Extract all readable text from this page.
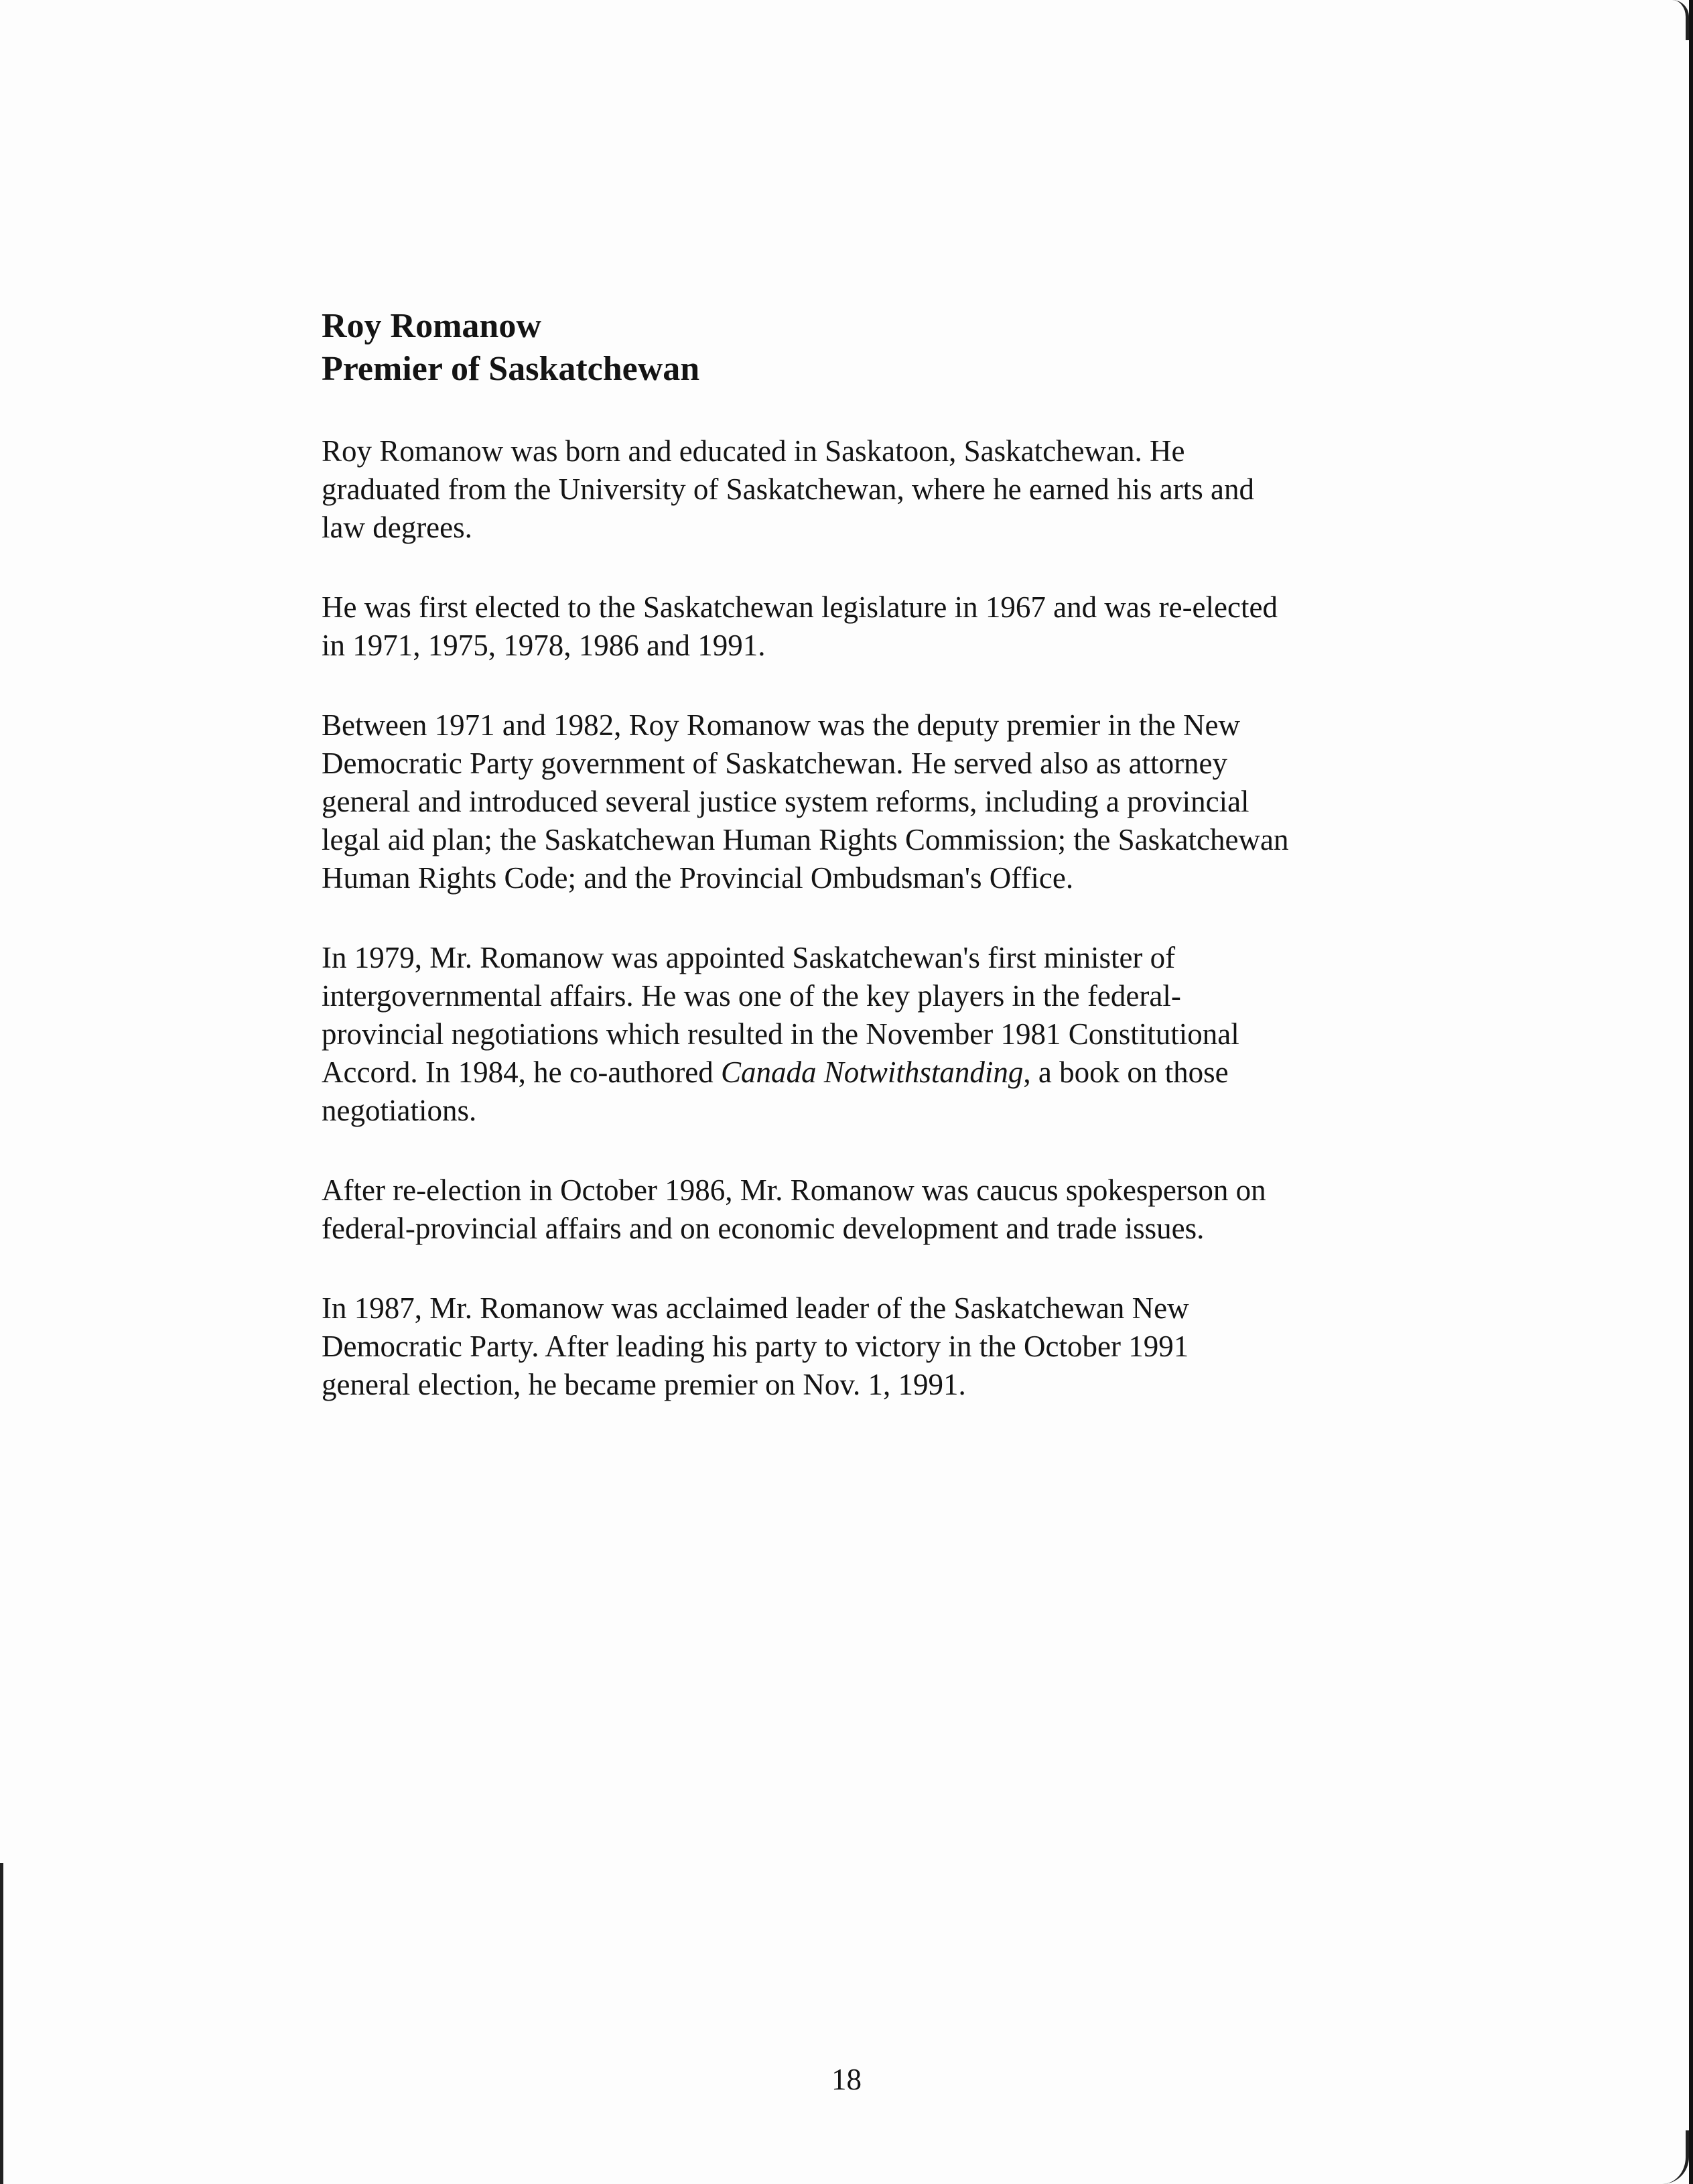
Roy Romanow
Premier of Saskatchewan

Roy Romanow was born and educated in Saskatoon, Saskatchewan. He
graduated from the University of Saskatchewan, where he earned his arts and
law degrees.

He was first elected to the Saskatchewan legislature in 1967 and was re-elected
in 1971, 1975, 1978, 1986 and 1991.

Between 1971 and 1982, Roy Romanow was the deputy premier in the New
Democratic Party government of Saskatchewan. He served also as attorney
general and introduced several justice system reforms, including a provincial
legal aid plan; the Saskatchewan Human Rights Commission; the Saskatchewan
Human Rights Code; and the Provincial Ombudsman's Office.

In 1979, Mr. Romanow was appointed Saskatchewan's first minister of
intergovernmental affairs. He was one of the key players in the federal-
provincial negotiations which resulted in the November 1981 Constitutional
Accord. In 1984, he co-authored Canada Notwithstanding, a book on those
negotiations.

After re-election in October 1986, Mr. Romanow was caucus spokesperson on
federal-provincial affairs and on economic development and trade issues.

In 1987, Mr. Romanow was acclaimed leader of the Saskatchewan New
Democratic Party. After leading his party to victory in the October 1991
general election, he became premier on Nov. 1, 1991.

18
